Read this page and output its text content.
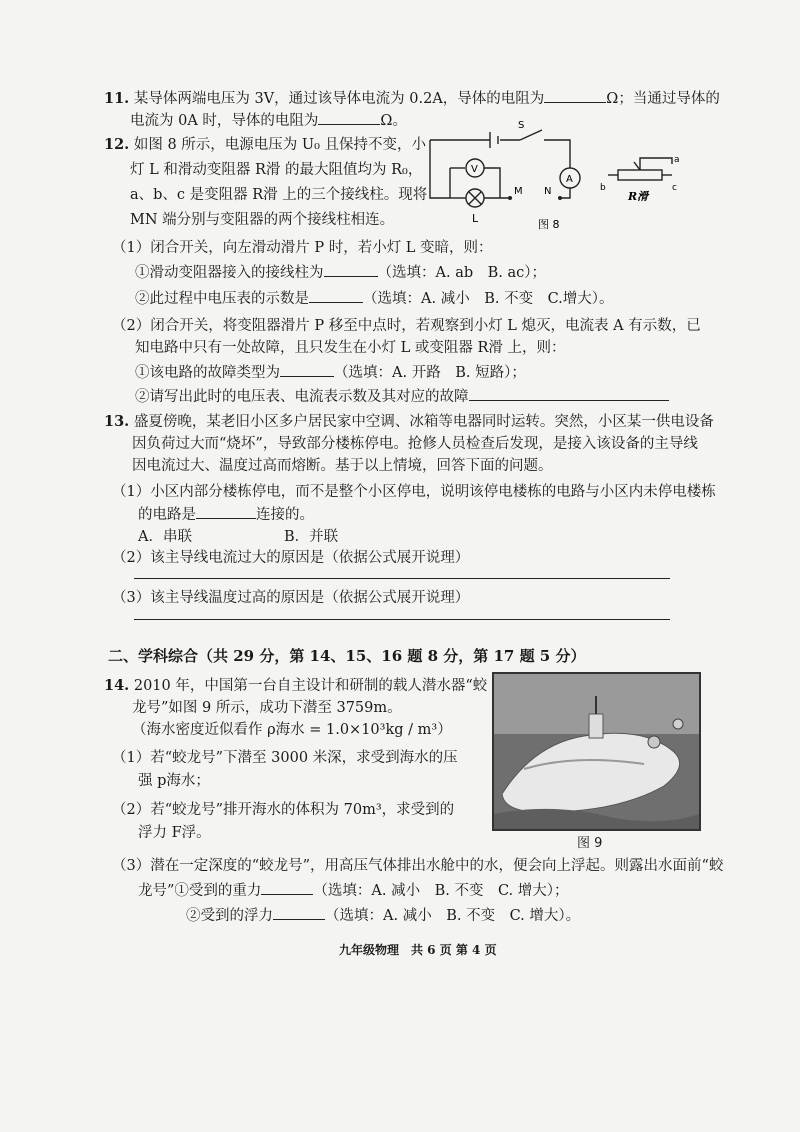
11. 某导体两端电压为 3V，通过该导体电流为 0.2A，导体的电阻为	Ω；当通过导体的
电流为 0A 时，导体的电阻为	Ω。
12. 如图 8 所示，电源电压为 U₀ 且保持不变，小
灯 L 和滑动变阻器 R滑 的最大阻值均为 R₀，
a、b、c 是变阻器 R滑 上的三个接线柱。现将
MN 端分别与变阻器的两个接线柱相连。
S
V
A
M N
L
a
b	c
R滑
图 8
（1）闭合开关，向左滑动滑片 P 时，若小灯 L 变暗，则：
①滑动变阻器接入的接线柱为	（选填：A. ab　B. ac）；
②此过程中电压表的示数是	（选填：A. 减小　B. 不变　C.增大）。
（2）闭合开关，将变阻器滑片 P 移至中点时，若观察到小灯 L 熄灭，电流表 A 有示数，已
知电路中只有一处故障，且只发生在小灯 L 或变阻器 R滑 上，则：
①该电路的故障类型为	（选填：A. 开路　B. 短路）；
②请写出此时的电压表、电流表示数及其对应的故障
13. 盛夏傍晚，某老旧小区多户居民家中空调、冰箱等电器同时运转。突然，小区某一供电设备
因负荷过大而“烧坏”，导致部分楼栋停电。抢修人员检查后发现，是接入该设备的主导线
因电流过大、温度过高而熔断。基于以上情境，回答下面的问题。
（1）小区内部分楼栋停电，而不是整个小区停电，说明该停电楼栋的电路与小区内未停电楼栋
的电路是	连接的。
A．串联	B．并联
（2）该主导线电流过大的原因是（依据公式展开说理）
（3）该主导线温度过高的原因是（依据公式展开说理）
二、学科综合（共 29 分，第 14、15、16 题 8 分，第 17 题 5 分）
14. 2010 年，中国第一台自主设计和研制的载人潜水器“蛟
龙号”如图 9 所示，成功下潜至 3759m。
（海水密度近似看作 ρ海水 = 1.0×10³kg / m³）
（1）若“蛟龙号”下潜至 3000 米深，求受到海水的压
强 p海水；
（2）若“蛟龙号”排开海水的体积为 70m³，求受到的
浮力 F浮。
图 9
（3）潜在一定深度的“蛟龙号”，用高压气体排出水舱中的水，便会向上浮起。则露出水面前“蛟
龙号”①受到的重力	（选填：A. 减小　B. 不变　C. 增大）；
②受到的浮力	（选填：A. 减小　B. 不变　C. 增大）。
九年级物理　共 6 页 第 4 页
